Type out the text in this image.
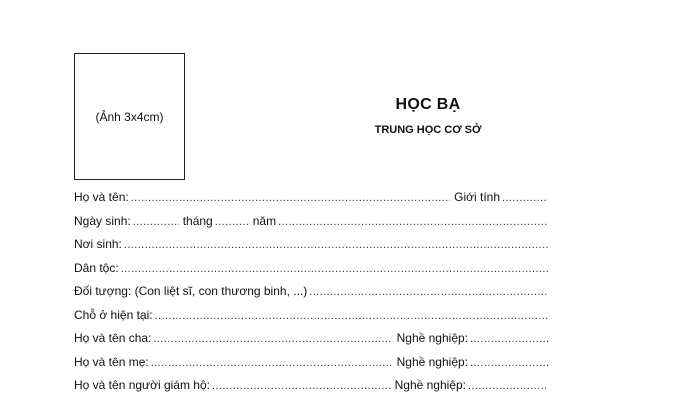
(Ảnh 3x4cm)
HỌC BẠ
TRUNG HỌC CƠ SỞ
Họ và tên: .....	Giới tính
.....
Ngày sinh: .....	tháng .....	năm
.....
Nơi sinh:
.....
Dân tộc:
.....
Đối tượng: (Con liệt sĩ, con thương binh, ...)
.....
Chỗ ở hiện tại:
.....
Họ và tên cha: .....	Nghề nghiệp:
.....
Họ và tên mẹ: .....	Nghề nghiệp:
.....
Họ và tên người giám hộ: .....	Nghề nghiệp:
.....
